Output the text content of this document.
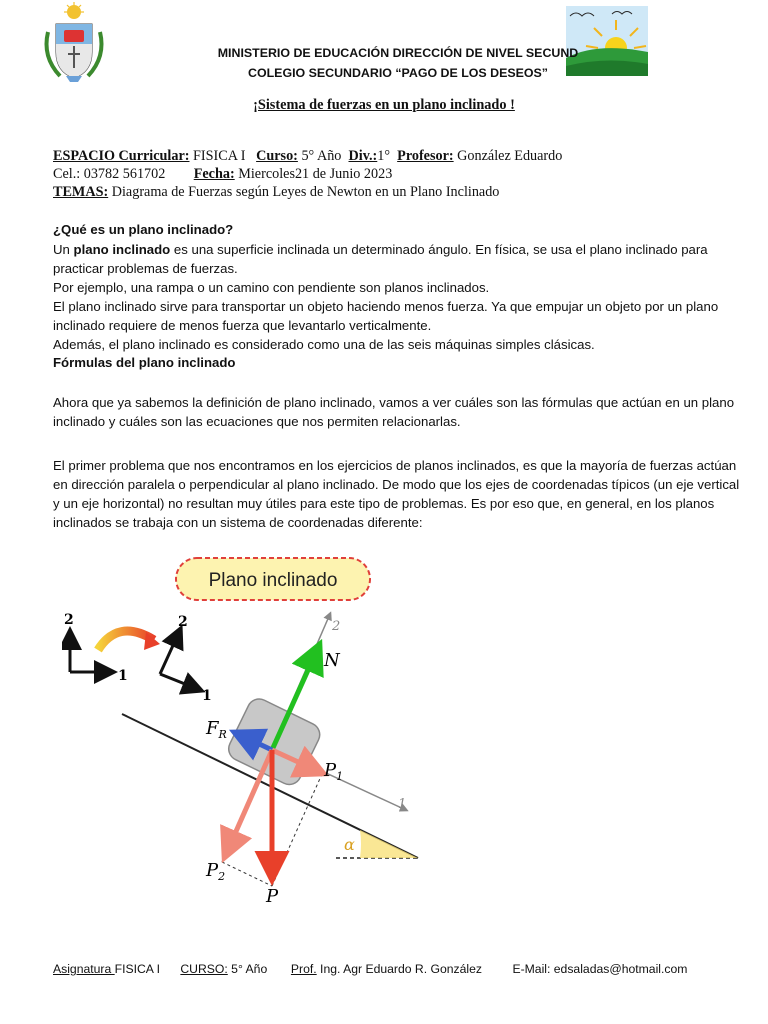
MINISTERIO DE EDUCACIÓN DIRECCIÓN DE NIVEL SECUND
COLEGIO SECUNDARIO “PAGO DE LOS DESEOS”
¡Sistema de fuerzas en un plano inclinado !
ESPACIO Curricular: FISICA I Curso: 5° Año Div.:1° Profesor: González Eduardo
Cel.: 03782 561702 Fecha: Miercoles21 de Junio 2023
TEMAS: Diagrama de Fuerzas según Leyes de Newton en un Plano Inclinado
¿Qué es un plano inclinado?
Un plano inclinado es una superficie inclinada un determinado ángulo. En física, se usa el plano inclinado para practicar problemas de fuerzas.
Por ejemplo, una rampa o un camino con pendiente son planos inclinados.
El plano inclinado sirve para transportar un objeto haciendo menos fuerza. Ya que empujar un objeto por un plano inclinado requiere de menos fuerza que levantarlo verticalmente.
Además, el plano inclinado es considerado como una de las seis máquinas simples clásicas.
Fórmulas del plano inclinado
Ahora que ya sabemos la definición de plano inclinado, vamos a ver cuáles son las fórmulas que actúan en un plano inclinado y cuáles son las ecuaciones que nos permiten relacionarlas.
El primer problema que nos encontramos en los ejercicios de planos inclinados, es que la mayoría de fuerzas actúan en dirección paralela o perpendicular al plano inclinado. De modo que los ejes de coordenadas típicos (un eje vertical y un eje horizontal) no resultan muy útiles para este tipo de problemas. Es por eso que, en general, en los planos inclinados se trabaja con un sistema de coordenadas diferente:
Plano inclinado
2
1
2
1
α
1
2
N
$F_R$
$P_1$
$P_2$
P
Asignatura FISICA I CURSO: 5° Año Prof. Ing. Agr Eduardo R. González E-Mail: edsaladas@hotmail.com
